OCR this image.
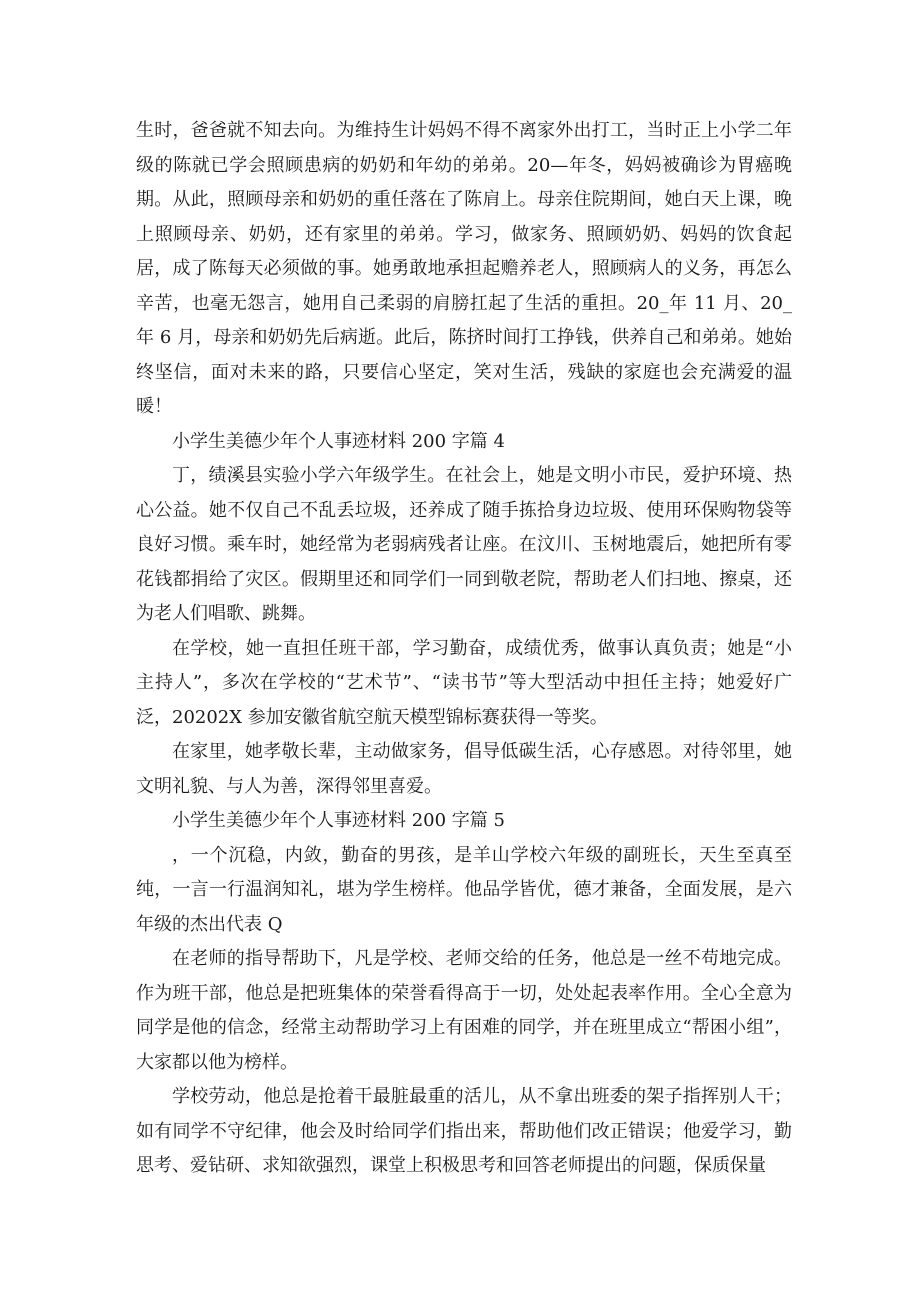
生时，爸爸就不知去向。为维持生计妈妈不得不离家外出打工，当时正上小学二年级的陈就已学会照顾患病的奶奶和年幼的弟弟。20—年冬，妈妈被确诊为胃癌晚期。从此，照顾母亲和奶奶的重任落在了陈肩上。母亲住院期间，她白天上课，晚上照顾母亲、奶奶，还有家里的弟弟。学习，做家务、照顾奶奶、妈妈的饮食起居，成了陈每天必须做的事。她勇敢地承担起赡养老人，照顾病人的义务，再怎么辛苦，也毫无怨言，她用自己柔弱的肩膀扛起了生活的重担。20_年 11 月、20_年 6 月，母亲和奶奶先后病逝。此后，陈挤时间打工挣钱，供养自己和弟弟。她始终坚信，面对未来的路，只要信心坚定，笑对生活，残缺的家庭也会充满爱的温暖！

小学生美德少年个人事迹材料 200 字篇 4

丁，绩溪县实验小学六年级学生。在社会上，她是文明小市民，爱护环境、热心公益。她不仅自己不乱丢垃圾，还养成了随手拣拾身边垃圾、使用环保购物袋等良好习惯。乘车时，她经常为老弱病残者让座。在汶川、玉树地震后，她把所有零花钱都捐给了灾区。假期里还和同学们一同到敬老院，帮助老人们扫地、擦桌，还为老人们唱歌、跳舞。

在学校，她一直担任班干部，学习勤奋，成绩优秀，做事认真负责；她是“小主持人”，多次在学校的“艺术节”、“读书节”等大型活动中担任主持；她爱好广泛，20202X 参加安徽省航空航天模型锦标赛获得一等奖。

在家里，她孝敬长辈，主动做家务，倡导低碳生活，心存感恩。对待邻里，她文明礼貌、与人为善，深得邻里喜爱。

小学生美德少年个人事迹材料 200 字篇 5

，一个沉稳，内敛，勤奋的男孩，是羊山学校六年级的副班长，天生至真至纯，一言一行温润知礼，堪为学生榜样。他品学皆优，德才兼备，全面发展，是六年级的杰出代表 Q

在老师的指导帮助下，凡是学校、老师交给的任务，他总是一丝不苟地完成。作为班干部，他总是把班集体的荣誉看得高于一切，处处起表率作用。全心全意为同学是他的信念，经常主动帮助学习上有困难的同学，并在班里成立“帮困小组”，大家都以他为榜样。

学校劳动，他总是抢着干最脏最重的活儿，从不拿出班委的架子指挥别人干；如有同学不守纪律，他会及时给同学们指出来，帮助他们改正错误；他爱学习，勤思考、爱钻研、求知欲强烈，课堂上积极思考和回答老师提出的问题，保质保量
